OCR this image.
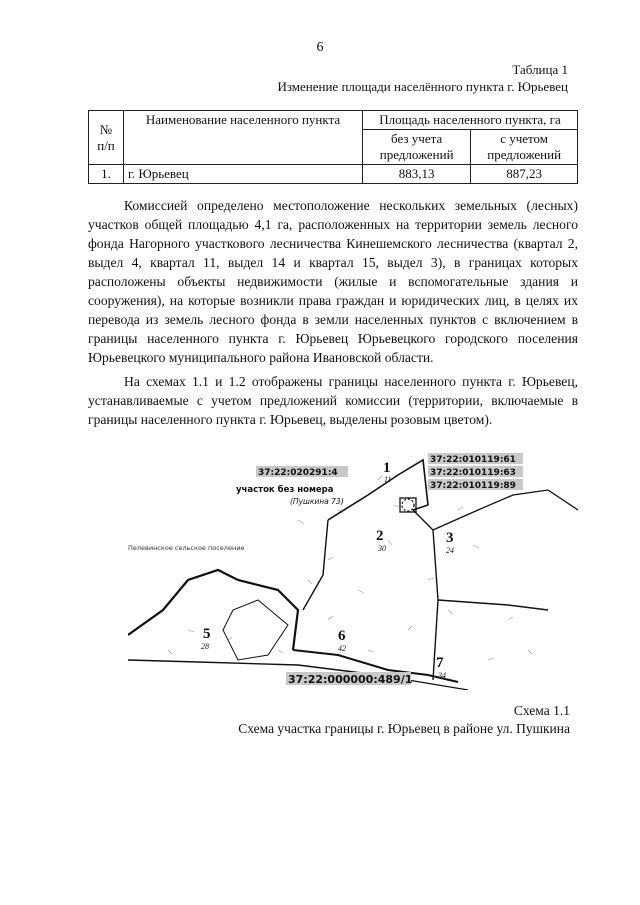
6
Таблица 1
Изменение площади населённого пункта г. Юрьевец
№ п/п	Наименование населенного пункта	Площадь населенного пункта, га	
		без учета предложений	с учетом предложений
1.	г. Юрьевец	883,13	887,23
Комиссией определено местоположение нескольких земельных (лесных) участков общей площадью 4,1 га, расположенных на территории земель лесного фонда Нагорного участкового лесничества Кинешемского лесничества (квартал 2, выдел 4, квартал 11, выдел 14 и квартал 15, выдел 3), в границах которых расположены объекты недвижимости (жилые и вспомогательные здания и сооружения), на которые возникли права граждан и юридических лиц, в целях их перевода из земель лесного фонда в земли населенных пунктов с включением в границы населенного пункта г. Юрьевец Юрьевецкого городского поселения Юрьевецкого муниципального района Ивановской области.
На схемах 1.1 и 1.2 отображены границы населенного пункта г. Юрьевец, устанавливаемые с учетом предложений комиссии (территории, включаемые в границы населенного пункта г. Юрьевец, выделены розовым цветом).
37:22:020291:4
37:22:010119:61
37:22:010119:63
37:22:010119:89
37:22:000000:489/1
участок без номера
(Пушкина 73)
Пелевинское сельское поселение
1
11
2
30
3
24
5
28
6
42
7
34
Схема 1.1
Схема участка границы г. Юрьевец в районе ул. Пушкина
